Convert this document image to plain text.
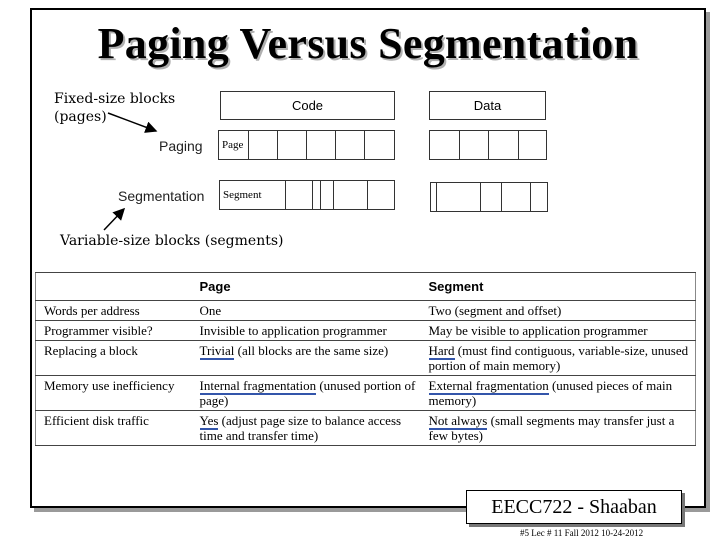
Paging Versus Segmentation
Fixed-size blocks
(pages)
Variable-size blocks (segments)
Code	Data
Paging
Segmentation
Page
Segment
	Page	Segment
Words per address	One	Two (segment and offset)
Programmer visible?	Invisible to application programmer	May be visible to application programmer
Replacing a block	Trivial (all blocks are the same size)	Hard (must find contiguous, variable-size, unused portion of main memory)
Memory use inefficiency	Internal fragmentation (unused portion of page)	External fragmentation (unused pieces of main memory)
Efficient disk traffic	Yes (adjust page size to balance access time and transfer time)	Not always (small segments may transfer just a few bytes)
EECC722 - Shaaban
#5 Lec # 11 Fall 2012 10-24-2012
